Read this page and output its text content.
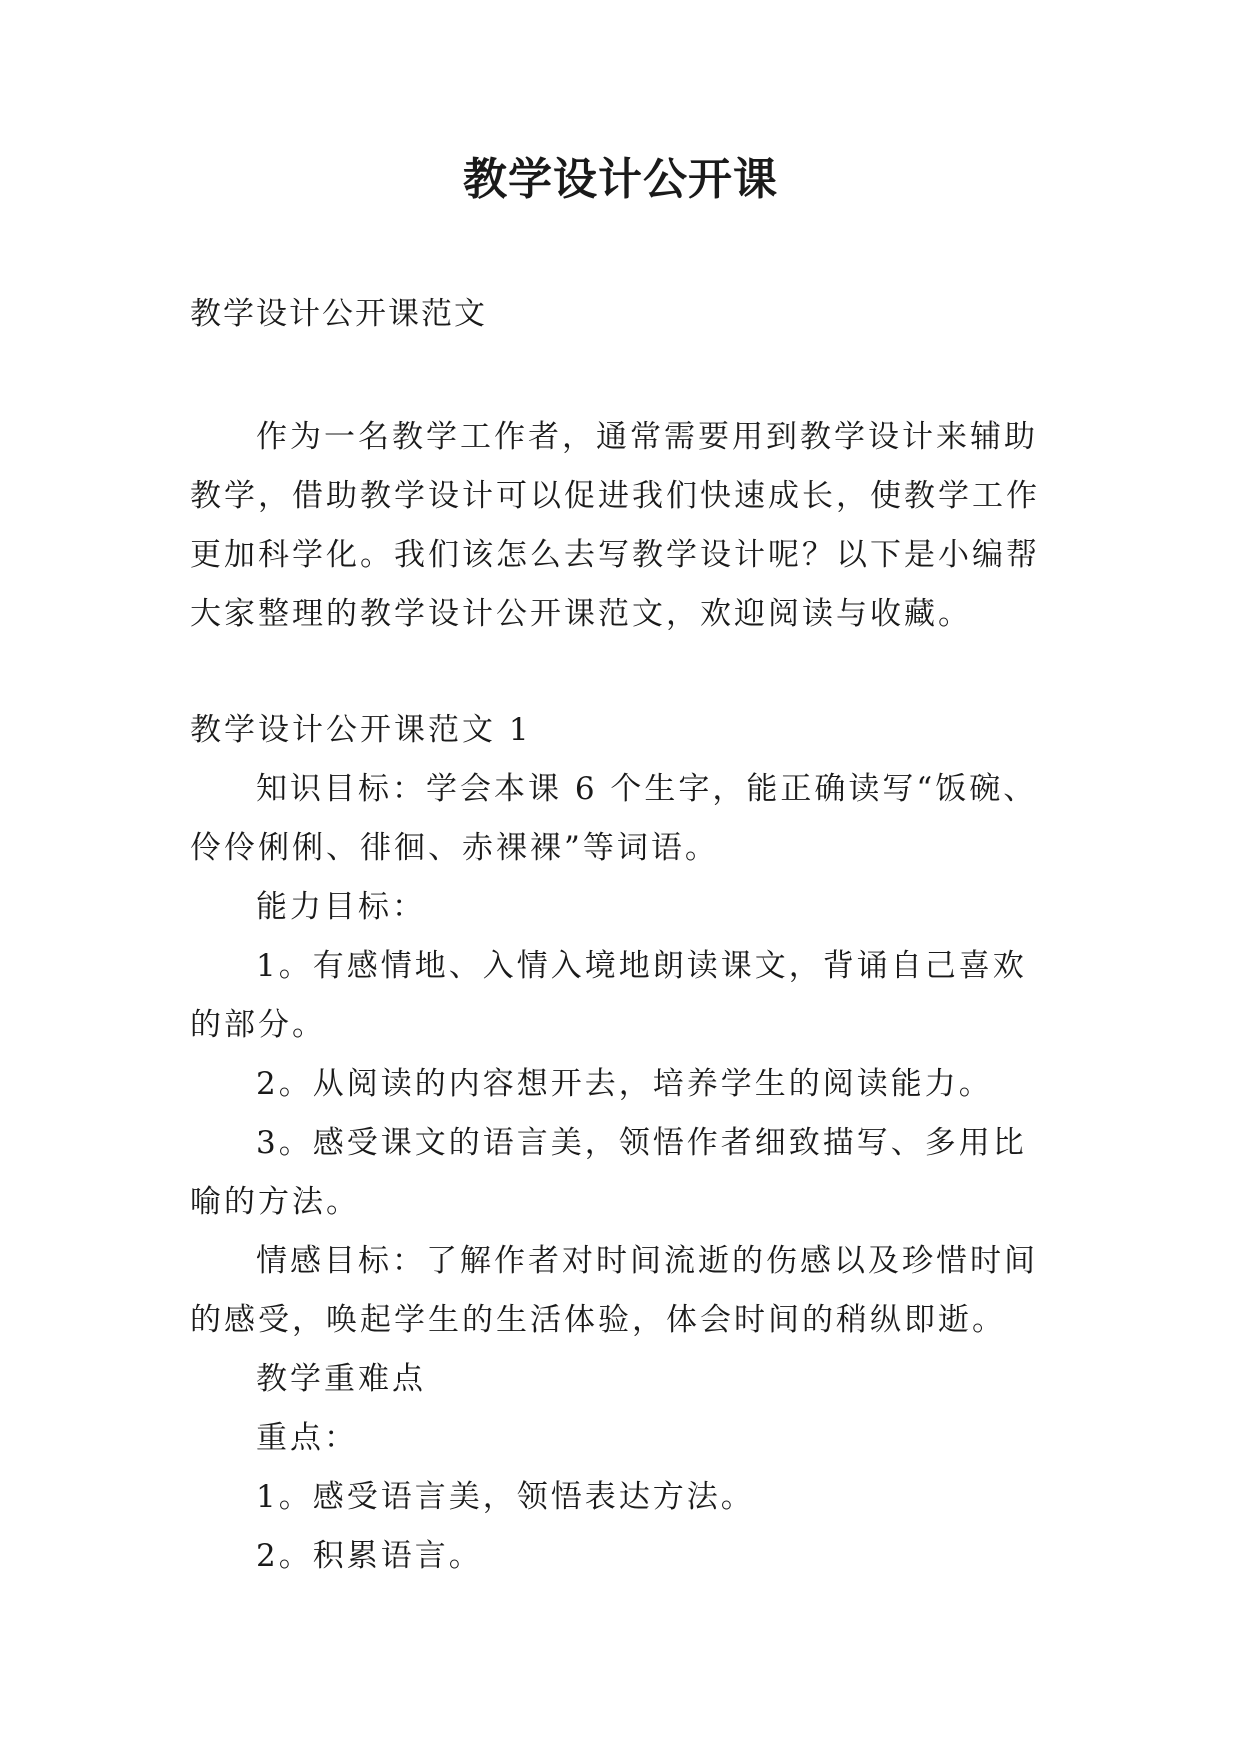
教学设计公开课

教学设计公开课范文

作为一名教学工作者，通常需要用到教学设计来辅助教学，借助教学设计可以促进我们快速成长，使教学工作更加科学化。我们该怎么去写教学设计呢？以下是小编帮大家整理的教学设计公开课范文，欢迎阅读与收藏。

教学设计公开课范文 1

知识目标：学会本课 6 个生字，能正确读写“饭碗、伶伶俐俐、徘徊、赤裸裸”等词语。

能力目标：

1。有感情地、入情入境地朗读课文，背诵自己喜欢的部分。

2。从阅读的内容想开去，培养学生的阅读能力。

3。感受课文的语言美，领悟作者细致描写、多用比喻的方法。

情感目标：了解作者对时间流逝的伤感以及珍惜时间的感受，唤起学生的生活体验，体会时间的稍纵即逝。

教学重难点

重点：

1。感受语言美，领悟表达方法。

2。积累语言。
